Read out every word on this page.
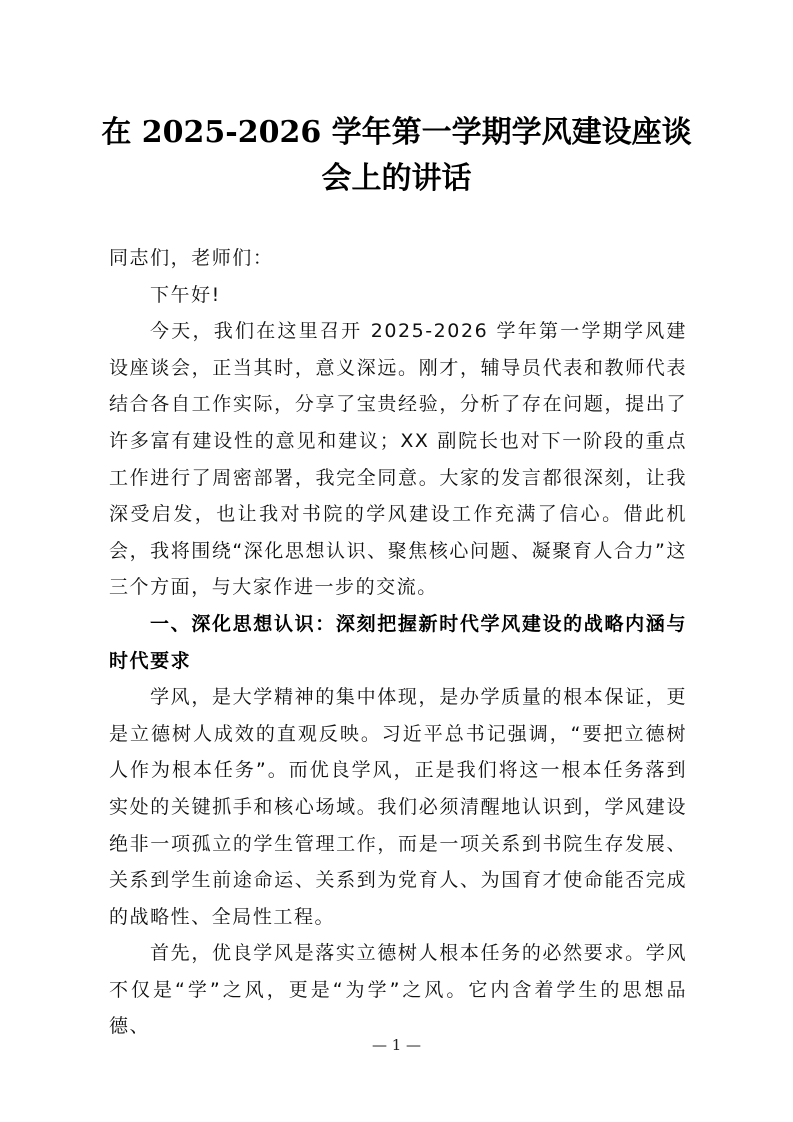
在 2025-2026 学年第一学期学风建设座谈
会上的讲话

同志们，老师们：

下午好!

今天，我们在这里召开 2025-2026 学年第一学期学风建设座谈会，正当其时，意义深远。刚才，辅导员代表和教师代表结合各自工作实际，分享了宝贵经验，分析了存在问题，提出了许多富有建设性的意见和建议；XX 副院长也对下一阶段的重点工作进行了周密部署，我完全同意。大家的发言都很深刻，让我深受启发，也让我对书院的学风建设工作充满了信心。借此机会，我将围绕“深化思想认识、聚焦核心问题、凝聚育人合力”这三个方面，与大家作进一步的交流。

一、深化思想认识：深刻把握新时代学风建设的战略内涵与时代要求

学风，是大学精神的集中体现，是办学质量的根本保证，更是立德树人成效的直观反映。习近平总书记强调，“要把立德树人作为根本任务”。而优良学风，正是我们将这一根本任务落到实处的关键抓手和核心场域。我们必须清醒地认识到，学风建设绝非一项孤立的学生管理工作，而是一项关系到书院生存发展、关系到学生前途命运、关系到为党育人、为国育才使命能否完成的战略性、全局性工程。

首先，优良学风是落实立德树人根本任务的必然要求。学风不仅是“学”之风，更是“为学”之风。它内含着学生的思想品德、

— 1 —
